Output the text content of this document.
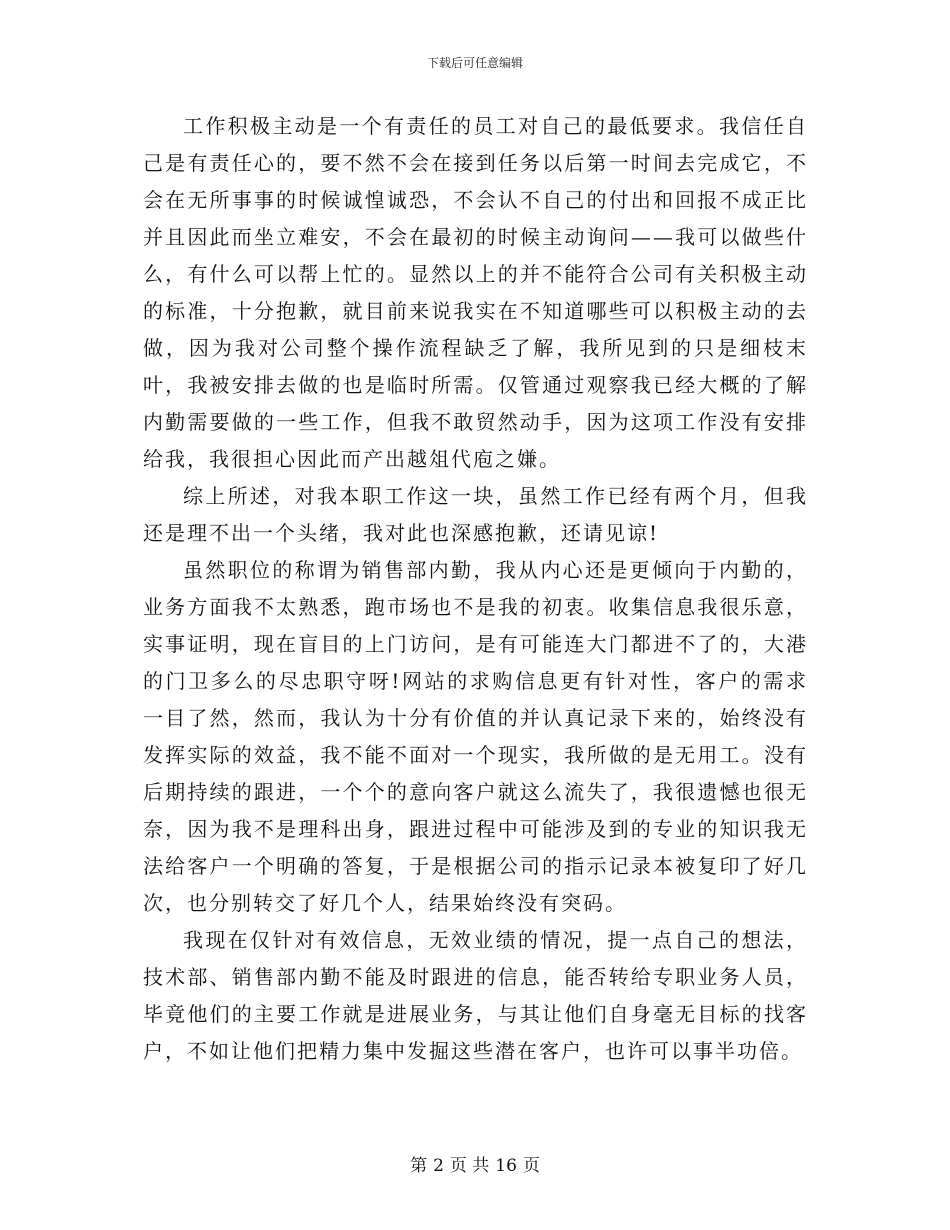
下载后可任意编辑

工作积极主动是一个有责任的员工对自己的最低要求。我信任自己是有责任心的，要不然不会在接到任务以后第一时间去完成它，不会在无所事事的时候诚惶诚恐，不会认不自己的付出和回报不成正比并且因此而坐立难安，不会在最初的时候主动询问——我可以做些什么，有什么可以帮上忙的。显然以上的并不能符合公司有关积极主动的标准，十分抱歉，就目前来说我实在不知道哪些可以积极主动的去做，因为我对公司整个操作流程缺乏了解，我所见到的只是细枝末叶，我被安排去做的也是临时所需。仅管通过观察我已经大概的了解内勤需要做的一些工作，但我不敢贸然动手，因为这项工作没有安排给我，我很担心因此而产出越俎代庖之嫌。

综上所述，对我本职工作这一块，虽然工作已经有两个月，但我还是理不出一个头绪，我对此也深感抱歉，还请见谅!

虽然职位的称谓为销售部内勤，我从内心还是更倾向于内勤的，业务方面我不太熟悉，跑市场也不是我的初衷。收集信息我很乐意，实事证明，现在盲目的上门访问，是有可能连大门都进不了的，大港的门卫多么的尽忠职守呀!网站的求购信息更有针对性，客户的需求一目了然，然而，我认为十分有价值的并认真记录下来的，始终没有发挥实际的效益，我不能不面对一个现实，我所做的是无用工。没有后期持续的跟进，一个个的意向客户就这么流失了，我很遗憾也很无奈，因为我不是理科出身，跟进过程中可能涉及到的专业的知识我无法给客户一个明确的答复，于是根据公司的指示记录本被复印了好几次，也分别转交了好几个人，结果始终没有突码。

我现在仅针对有效信息，无效业绩的情况，提一点自己的想法，技术部、销售部内勤不能及时跟进的信息，能否转给专职业务人员，毕竟他们的主要工作就是进展业务，与其让他们自身毫无目标的找客户，不如让他们把精力集中发掘这些潜在客户，也许可以事半功倍。

第 2 页 共 16 页
